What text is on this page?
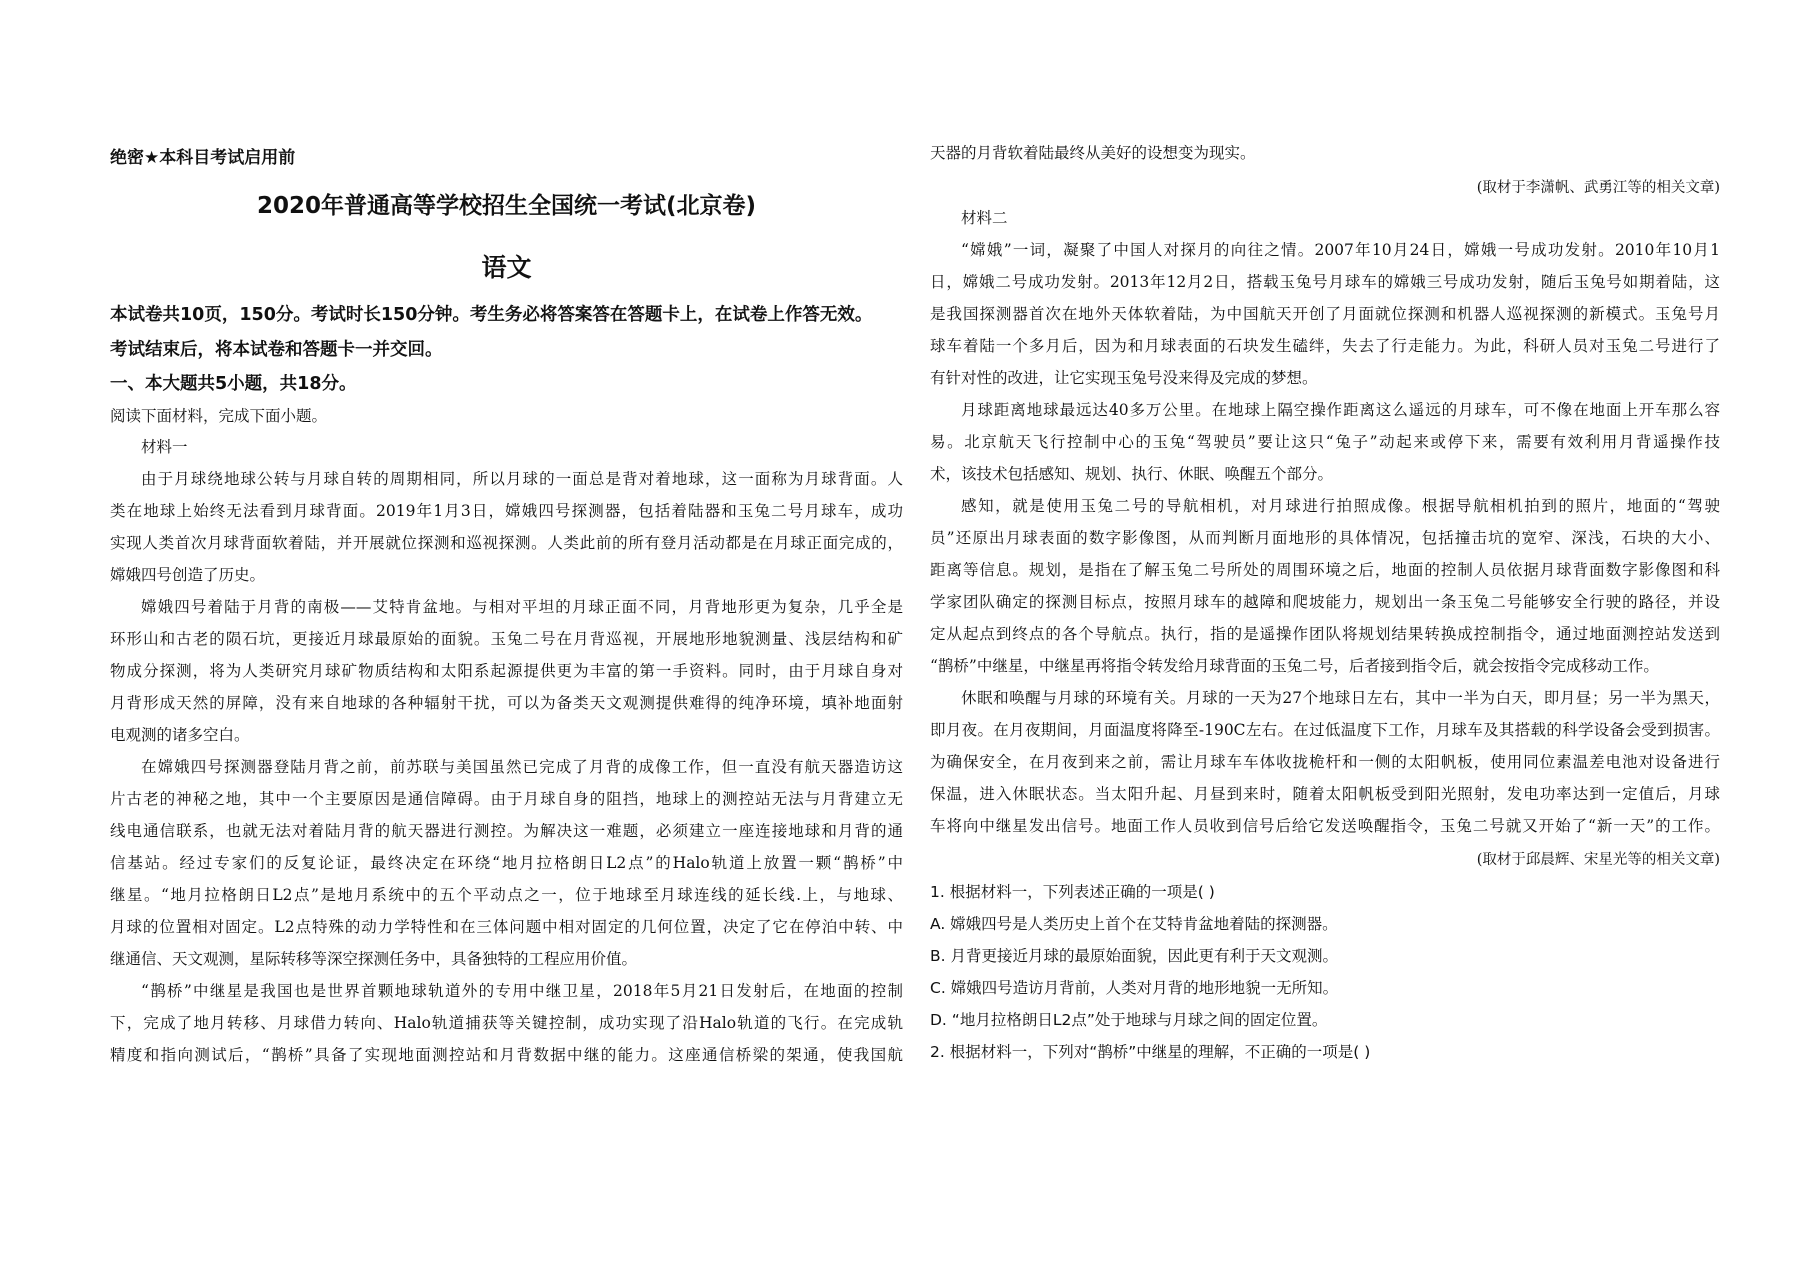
绝密★本科目考试启用前
2020年普通高等学校招生全国统一考试(北京卷)
语文
本试卷共10页，150分。考试时长150分钟。考生务必将答案答在答题卡上，在试卷上作答无效。
考试结束后，将本试卷和答题卡一并交回。
一、本大题共5小题，共18分。
阅读下面材料，完成下面小题。
材料一
由于月球绕地球公转与月球自转的周期相同，所以月球的一面总是背对着地球，这一面称为月球背面。人
类在地球上始终无法看到月球背面。2019年1月3日，嫦娥四号探测器，包括着陆器和玉兔二号月球车，成功
实现人类首次月球背面软着陆，并开展就位探测和巡视探测。人类此前的所有登月活动都是在月球正面完成的，
嫦娥四号创造了历史。
嫦娥四号着陆于月背的南极——艾特肯盆地。与相对平坦的月球正面不同，月背地形更为复杂，几乎全是
环形山和古老的陨石坑，更接近月球最原始的面貌。玉兔二号在月背巡视，开展地形地貌测量、浅层结构和矿
物成分探测，将为人类研究月球矿物质结构和太阳系起源提供更为丰富的第一手资料。同时，由于月球自身对
月背形成天然的屏障，没有来自地球的各种辐射干扰，可以为备类天文观测提供难得的纯净环境，填补地面射
电观测的诸多空白。
在嫦娥四号探测器登陆月背之前，前苏联与美国虽然已完成了月背的成像工作，但一直没有航天器造访这
片古老的神秘之地，其中一个主要原因是通信障碍。由于月球自身的阻挡，地球上的测控站无法与月背建立无
线电通信联系，也就无法对着陆月背的航天器进行测控。为解决这一难题，必须建立一座连接地球和月背的通
信基站。经过专家们的反复论证，最终决定在环绕“地月拉格朗日L2点”的Halo轨道上放置一颗“鹊桥”中
继星。“地月拉格朗日L2点”是地月系统中的五个平动点之一，位于地球至月球连线的延长线.上，与地球、
月球的位置相对固定。L2点特殊的动力学特性和在三体问题中相对固定的几何位置，决定了它在停泊中转、中
继通信、天文观测，星际转移等深空探测任务中，具备独特的工程应用价值。
“鹊桥”中继星是我国也是世界首颗地球轨道外的专用中继卫星，2018年5月21日发射后，在地面的控制
下，完成了地月转移、月球借力转向、Halo轨道捕获等关键控制，成功实现了沿Halo轨道的飞行。在完成轨
精度和指向测试后，“鹊桥”具备了实现地面测控站和月背数据中继的能力。这座通信桥梁的架通，使我国航
天器的月背软着陆最终从美好的设想变为现实。
(取材于李潇帆、武勇江等的相关文章)
材料二
“嫦娥”一词，凝聚了中国人对探月的向往之情。2007年10月24日，嫦娥一号成功发射。2010年10月1
日，嫦娥二号成功发射。2013年12月2日，搭载玉兔号月球车的嫦娥三号成功发射，随后玉兔号如期着陆，这
是我国探测器首次在地外天体软着陆，为中国航天开创了月面就位探测和机器人巡视探测的新模式。玉兔号月
球车着陆一个多月后，因为和月球表面的石块发生磕绊，失去了行走能力。为此，科研人员对玉兔二号进行了
有针对性的改进，让它实现玉兔号没来得及完成的梦想。
月球距离地球最远达40多万公里。在地球上隔空操作距离这么遥远的月球车，可不像在地面上开车那么容
易。北京航天飞行控制中心的玉兔“驾驶员”要让这只“兔子”动起来或停下来，需要有效利用月背遥操作技
术，该技术包括感知、规划、执行、休眠、唤醒五个部分。
感知，就是使用玉兔二号的导航相机，对月球进行拍照成像。根据导航相机拍到的照片，地面的“驾驶
员”还原出月球表面的数字影像图，从而判断月面地形的具体情况，包括撞击坑的宽窄、深浅，石块的大小、
距离等信息。规划，是指在了解玉兔二号所处的周围环境之后，地面的控制人员依据月球背面数字影像图和科
学家团队确定的探测目标点，按照月球车的越障和爬坡能力，规划出一条玉兔二号能够安全行驶的路径，并设
定从起点到终点的各个导航点。执行，指的是遥操作团队将规划结果转换成控制指令，通过地面测控站发送到
“鹊桥”中继星，中继星再将指令转发给月球背面的玉兔二号，后者接到指令后，就会按指令完成移动工作。
休眠和唤醒与月球的环境有关。月球的一天为27个地球日左右，其中一半为白天，即月昼；另一半为黑天，
即月夜。在月夜期间，月面温度将降至-190C左右。在过低温度下工作，月球车及其搭载的科学设备会受到损害。
为确保安全，在月夜到来之前，需让月球车车体收拢桅杆和一侧的太阳帆板，使用同位素温差电池对设备进行
保温，进入休眠状态。当太阳升起、月昼到来时，随着太阳帆板受到阳光照射，发电功率达到一定值后，月球
车将向中继星发出信号。地面工作人员收到信号后给它发送唤醒指令，玉兔二号就又开始了“新一天”的工作。
(取材于邱晨辉、宋星光等的相关文章)
1. 根据材料一，下列表述正确的一项是( )
A. 嫦娥四号是人类历史上首个在艾特肯盆地着陆的探测器。
B. 月背更接近月球的最原始面貌，因此更有利于天文观测。
C. 嫦娥四号造访月背前，人类对月背的地形地貌一无所知。
D. “地月拉格朗日L2点”处于地球与月球之间的固定位置。
2. 根据材料一，下列对“鹊桥”中继星的理解，不正确的一项是( )
